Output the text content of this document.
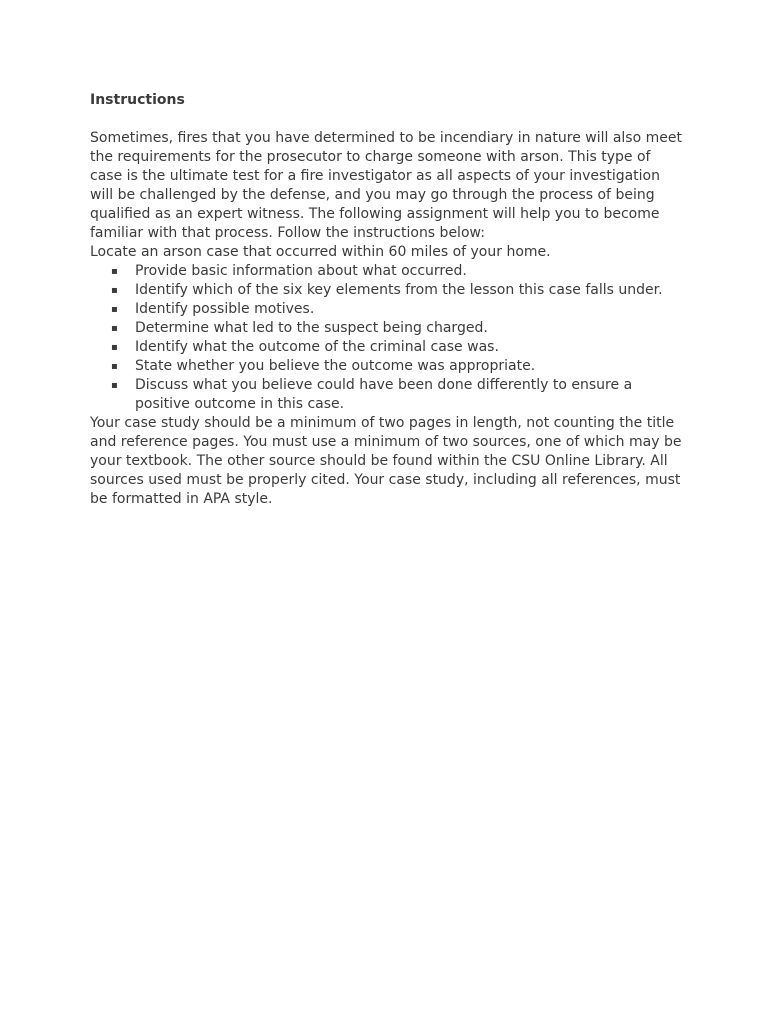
Instructions

Sometimes, fires that you have determined to be incendiary in nature will also meet the requirements for the prosecutor to charge someone with arson. This type of case is the ultimate test for a fire investigator as all aspects of your investigation will be challenged by the defense, and you may go through the process of being qualified as an expert witness. The following assignment will help you to become familiar with that process. Follow the instructions below:

Locate an arson case that occurred within 60 miles of your home.

▪ Provide basic information about what occurred.
▪ Identify which of the six key elements from the lesson this case falls under.
▪ Identify possible motives.
▪ Determine what led to the suspect being charged.
▪ Identify what the outcome of the criminal case was.
▪ State whether you believe the outcome was appropriate.
▪ Discuss what you believe could have been done differently to ensure a positive outcome in this case.

Your case study should be a minimum of two pages in length, not counting the title and reference pages. You must use a minimum of two sources, one of which may be your textbook. The other source should be found within the CSU Online Library. All sources used must be properly cited. Your case study, including all references, must be formatted in APA style.
